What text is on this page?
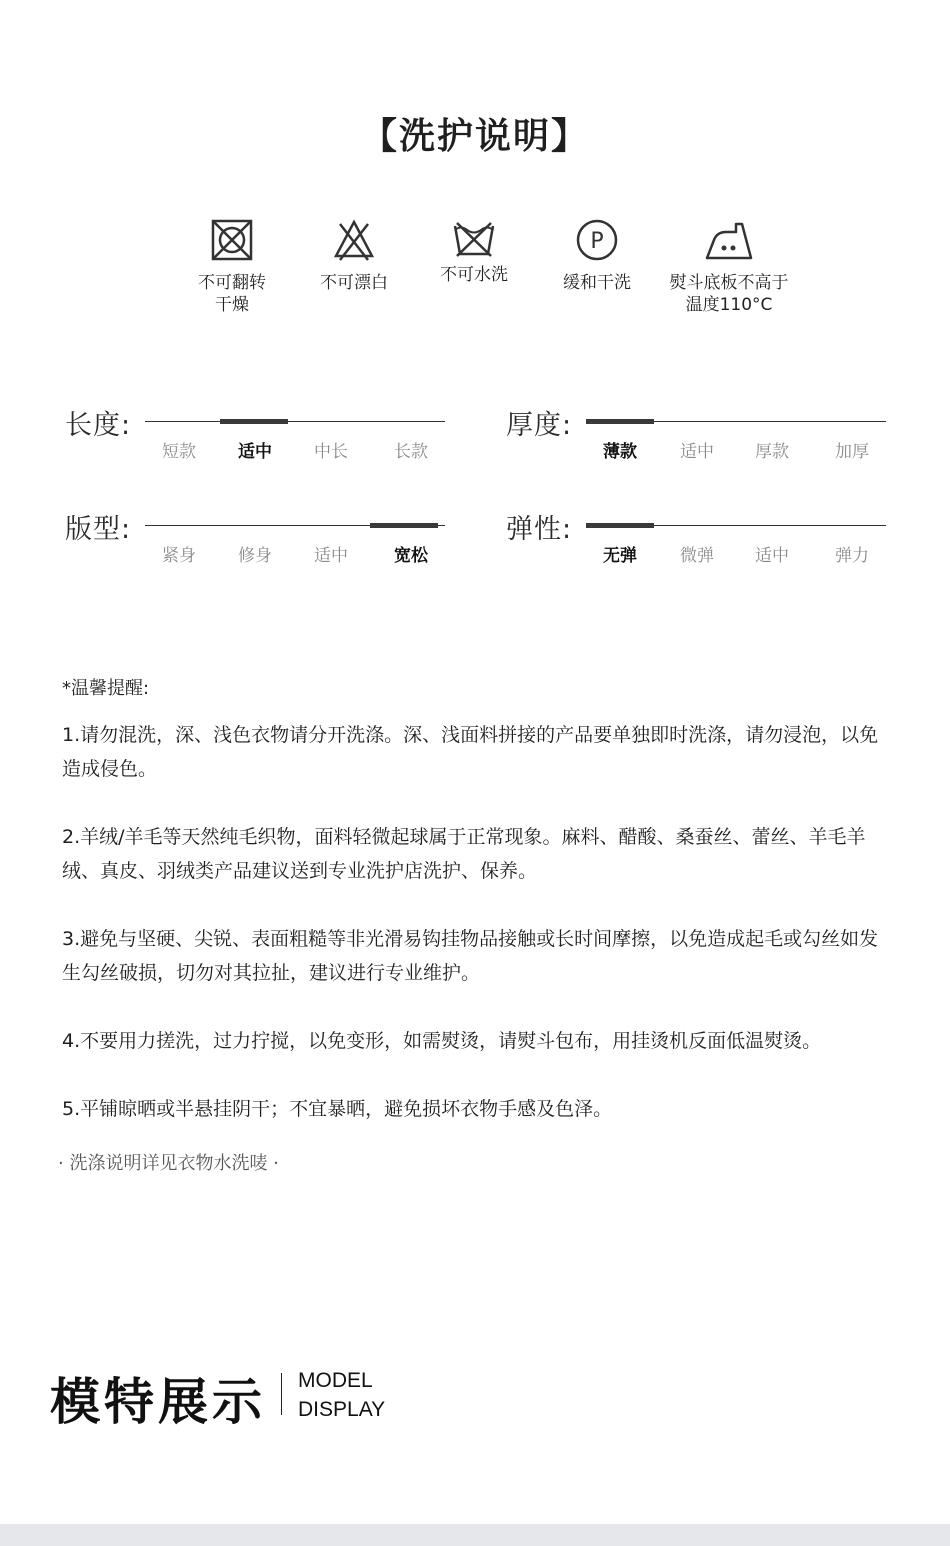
【洗护说明】
不可翻转
干燥
不可漂白	不可水洗
P
缓和干洗	熨斗底板不高于
温度110°C
长度:
短款	适中	中长	长款
厚度:
薄款	适中	厚款	加厚
版型:
紧身	修身	适中	宽松
弹性:
无弹	微弹	适中	弹力
*温馨提醒:
1.请勿混洗，深、浅色衣物请分开洗涤。深、浅面料拼接的产品要单独即时洗涤，请勿浸泡，以免造成侵色。
2.羊绒/羊毛等天然纯毛织物，面料轻微起球属于正常现象。麻料、醋酸、桑蚕丝、蕾丝、羊毛羊绒、真皮、羽绒类产品建议送到专业洗护店洗护、保养。
3.避免与坚硬、尖锐、表面粗糙等非光滑易钩挂物品接触或长时间摩擦，以免造成起毛或勾丝如发生勾丝破损，切勿对其拉扯，建议进行专业维护。
4.不要用力搓洗，过力拧搅，以免变形，如需熨烫，请熨斗包布，用挂烫机反面低温熨烫。
5.平铺晾晒或半悬挂阴干；不宜暴晒，避免损坏衣物手感及色泽。
· 洗涤说明详见衣物水洗唛 ·
模特展示 MODEL
DISPLAY
